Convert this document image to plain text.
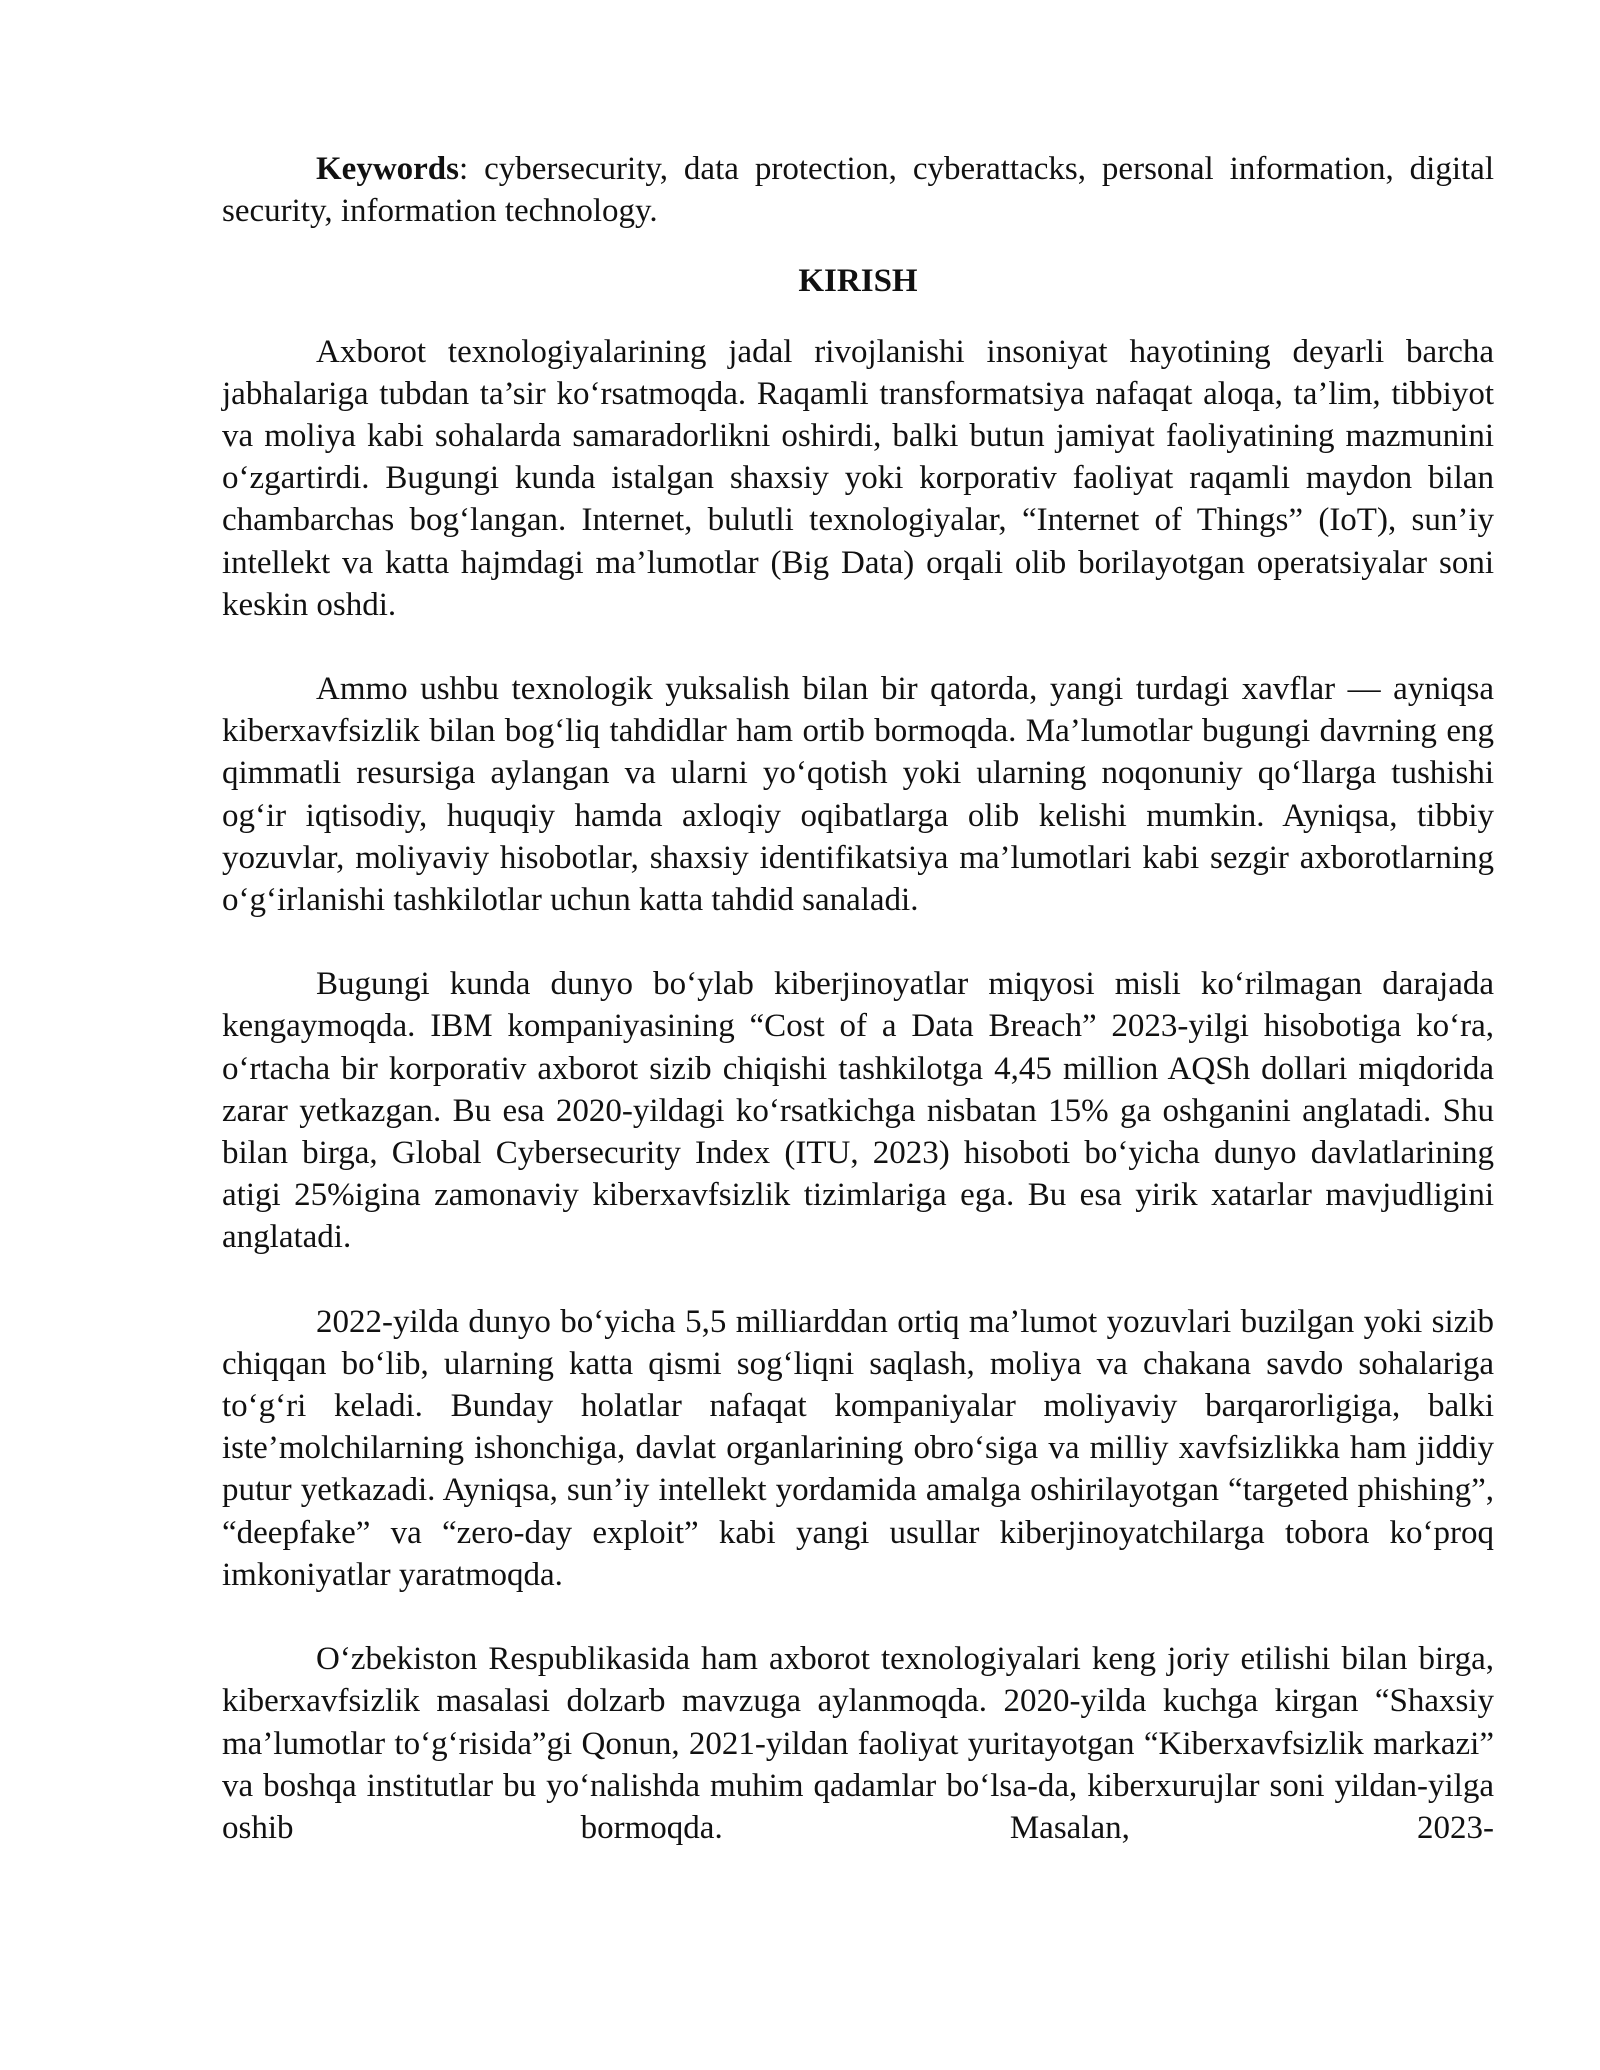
Keywords: cybersecurity, data protection, cyberattacks, personal information, digital security, information technology.

KIRISH

Axborot texnologiyalarining jadal rivojlanishi insoniyat hayotining deyarli barcha jabhalariga tubdan ta’sir ko‘rsatmoqda. Raqamli transformatsiya nafaqat aloqa, ta’lim, tibbiyot va moliya kabi sohalarda samaradorlikni oshirdi, balki butun jamiyat faoliyatining mazmunini o‘zgartirdi. Bugungi kunda istalgan shaxsiy yoki korporativ faoliyat raqamli maydon bilan chambarchas bog‘langan. Internet, bulutli texnologiyalar, “Internet of Things” (IoT), sun’iy intellekt va katta hajmdagi ma’lumotlar (Big Data) orqali olib borilayotgan operatsiyalar soni keskin oshdi.

Ammo ushbu texnologik yuksalish bilan bir qatorda, yangi turdagi xavflar — ayniqsa kiberxavfsizlik bilan bog‘liq tahdidlar ham ortib bormoqda. Ma’lumotlar bugungi davrning eng qimmatli resursiga aylangan va ularni yo‘qotish yoki ularning noqonuniy qo‘llarga tushishi og‘ir iqtisodiy, huquqiy hamda axloqiy oqibatlarga olib kelishi mumkin. Ayniqsa, tibbiy yozuvlar, moliyaviy hisobotlar, shaxsiy identifikatsiya ma’lumotlari kabi sezgir axborotlarning o‘g‘irlanishi tashkilotlar uchun katta tahdid sanaladi.

Bugungi kunda dunyo bo‘ylab kiberjinoyatlar miqyosi misli ko‘rilmagan darajada kengaymoqda. IBM kompaniyasining “Cost of a Data Breach” 2023-yilgi hisobotiga ko‘ra, o‘rtacha bir korporativ axborot sizib chiqishi tashkilotga 4,45 million AQSh dollari miqdorida zarar yetkazgan. Bu esa 2020-yildagi ko‘rsatkichga nisbatan 15% ga oshganini anglatadi. Shu bilan birga, Global Cybersecurity Index (ITU, 2023) hisoboti bo‘yicha dunyo davlatlarining atigi 25%igina zamonaviy kiberxavfsizlik tizimlariga ega. Bu esa yirik xatarlar mavjudligini anglatadi.

2022-yilda dunyo bo‘yicha 5,5 milliarddan ortiq ma’lumot yozuvlari buzilgan yoki sizib chiqqan bo‘lib, ularning katta qismi sog‘liqni saqlash, moliya va chakana savdo sohalariga to‘g‘ri keladi. Bunday holatlar nafaqat kompaniyalar moliyaviy barqarorligiga, balki iste’molchilarning ishonchiga, davlat organlarining obro‘siga va milliy xavfsizlikka ham jiddiy putur yetkazadi. Ayniqsa, sun’iy intellekt yordamida amalga oshirilayotgan “targeted phishing”, “deepfake” va “zero-day exploit” kabi yangi usullar kiberjinoyatchilarga tobora ko‘proq imkoniyatlar yaratmoqda.

O‘zbekiston Respublikasida ham axborot texnologiyalari keng joriy etilishi bilan birga, kiberxavfsizlik masalasi dolzarb mavzuga aylanmoqda. 2020-yilda kuchga kirgan “Shaxsiy ma’lumotlar to‘g‘risida”gi Qonun, 2021-yildan faoliyat yuritayotgan “Kiberxavfsizlik markazi” va boshqa institutlar bu yo‘nalishda muhim qadamlar bo‘lsa-da, kiberxurujlar soni yildan-yilga oshib bormoqda. Masalan, 2023-
